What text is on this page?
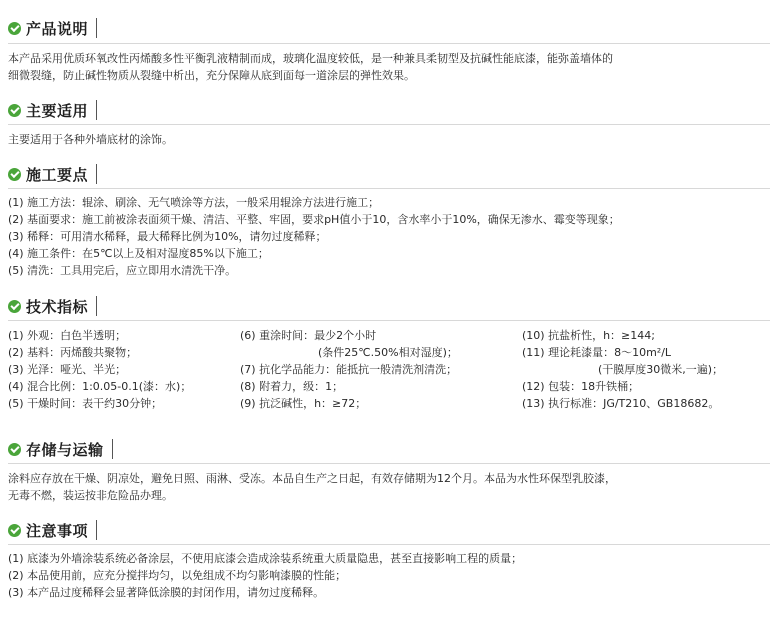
产品说明
本产品采用优质环氧改性丙烯酸多性平衡乳液精制而成，玻璃化温度较低，是一种兼具柔韧型及抗碱性能底漆，能弥盖墙体的
细微裂缝，防止碱性物质从裂缝中析出，充分保障从底到面每一道涂层的弹性效果。
主要适用
主要适用于各种外墙底材的涂饰。
施工要点
(1) 施工方法：辊涂、刷涂、无气喷涂等方法，一般采用辊涂方法进行施工；
(2) 基面要求：施工前被涂表面须干燥、清洁、平整、牢固，要求pH值小于10，含水率小于10%，确保无渗水、霉变等现象；
(3) 稀释：可用清水稀释，最大稀释比例为10%，请勿过度稀释；
(4) 施工条件：在5℃以上及相对湿度85%以下施工；
(5) 清洗：工具用完后，应立即用水清洗干净。
技术指标
(1) 外观：白色半透明；
(2) 基料：丙烯酸共聚物；
(3) 光泽：哑光、半光；
(4) 混合比例：1:0.05-0.1(漆：水)；
(5) 干燥时间：表干约30分钟；
(6) 重涂时间：最少2个小时
(条件25℃.50%相对湿度)；
(7) 抗化学品能力：能抵抗一般清洗剂清洗；
(8) 附着力，级：1；
(9) 抗泛碱性，h：≥72；
(10) 抗盐析性，h：≥144;
(11) 理论耗漆量：8～10m²/L
(干膜厚度30微米,一遍)；
(12) 包装：18升铁桶；
(13) 执行标准：JG/T210、GB18682。
存储与运输
涂料应存放在干燥、阴凉处，避免日照、雨淋、受冻。本品自生产之日起，有效存储期为12个月。本品为水性环保型乳胶漆，
无毒不燃，装运按非危险品办理。
注意事项
(1) 底漆为外墙涂装系统必备涂层，不使用底漆会造成涂装系统重大质量隐患，甚至直接影响工程的质量；
(2) 本品使用前，应充分搅拌均匀，以免组成不均匀影响漆膜的性能；
(3) 本产品过度稀释会显著降低涂膜的封闭作用，请勿过度稀释。
